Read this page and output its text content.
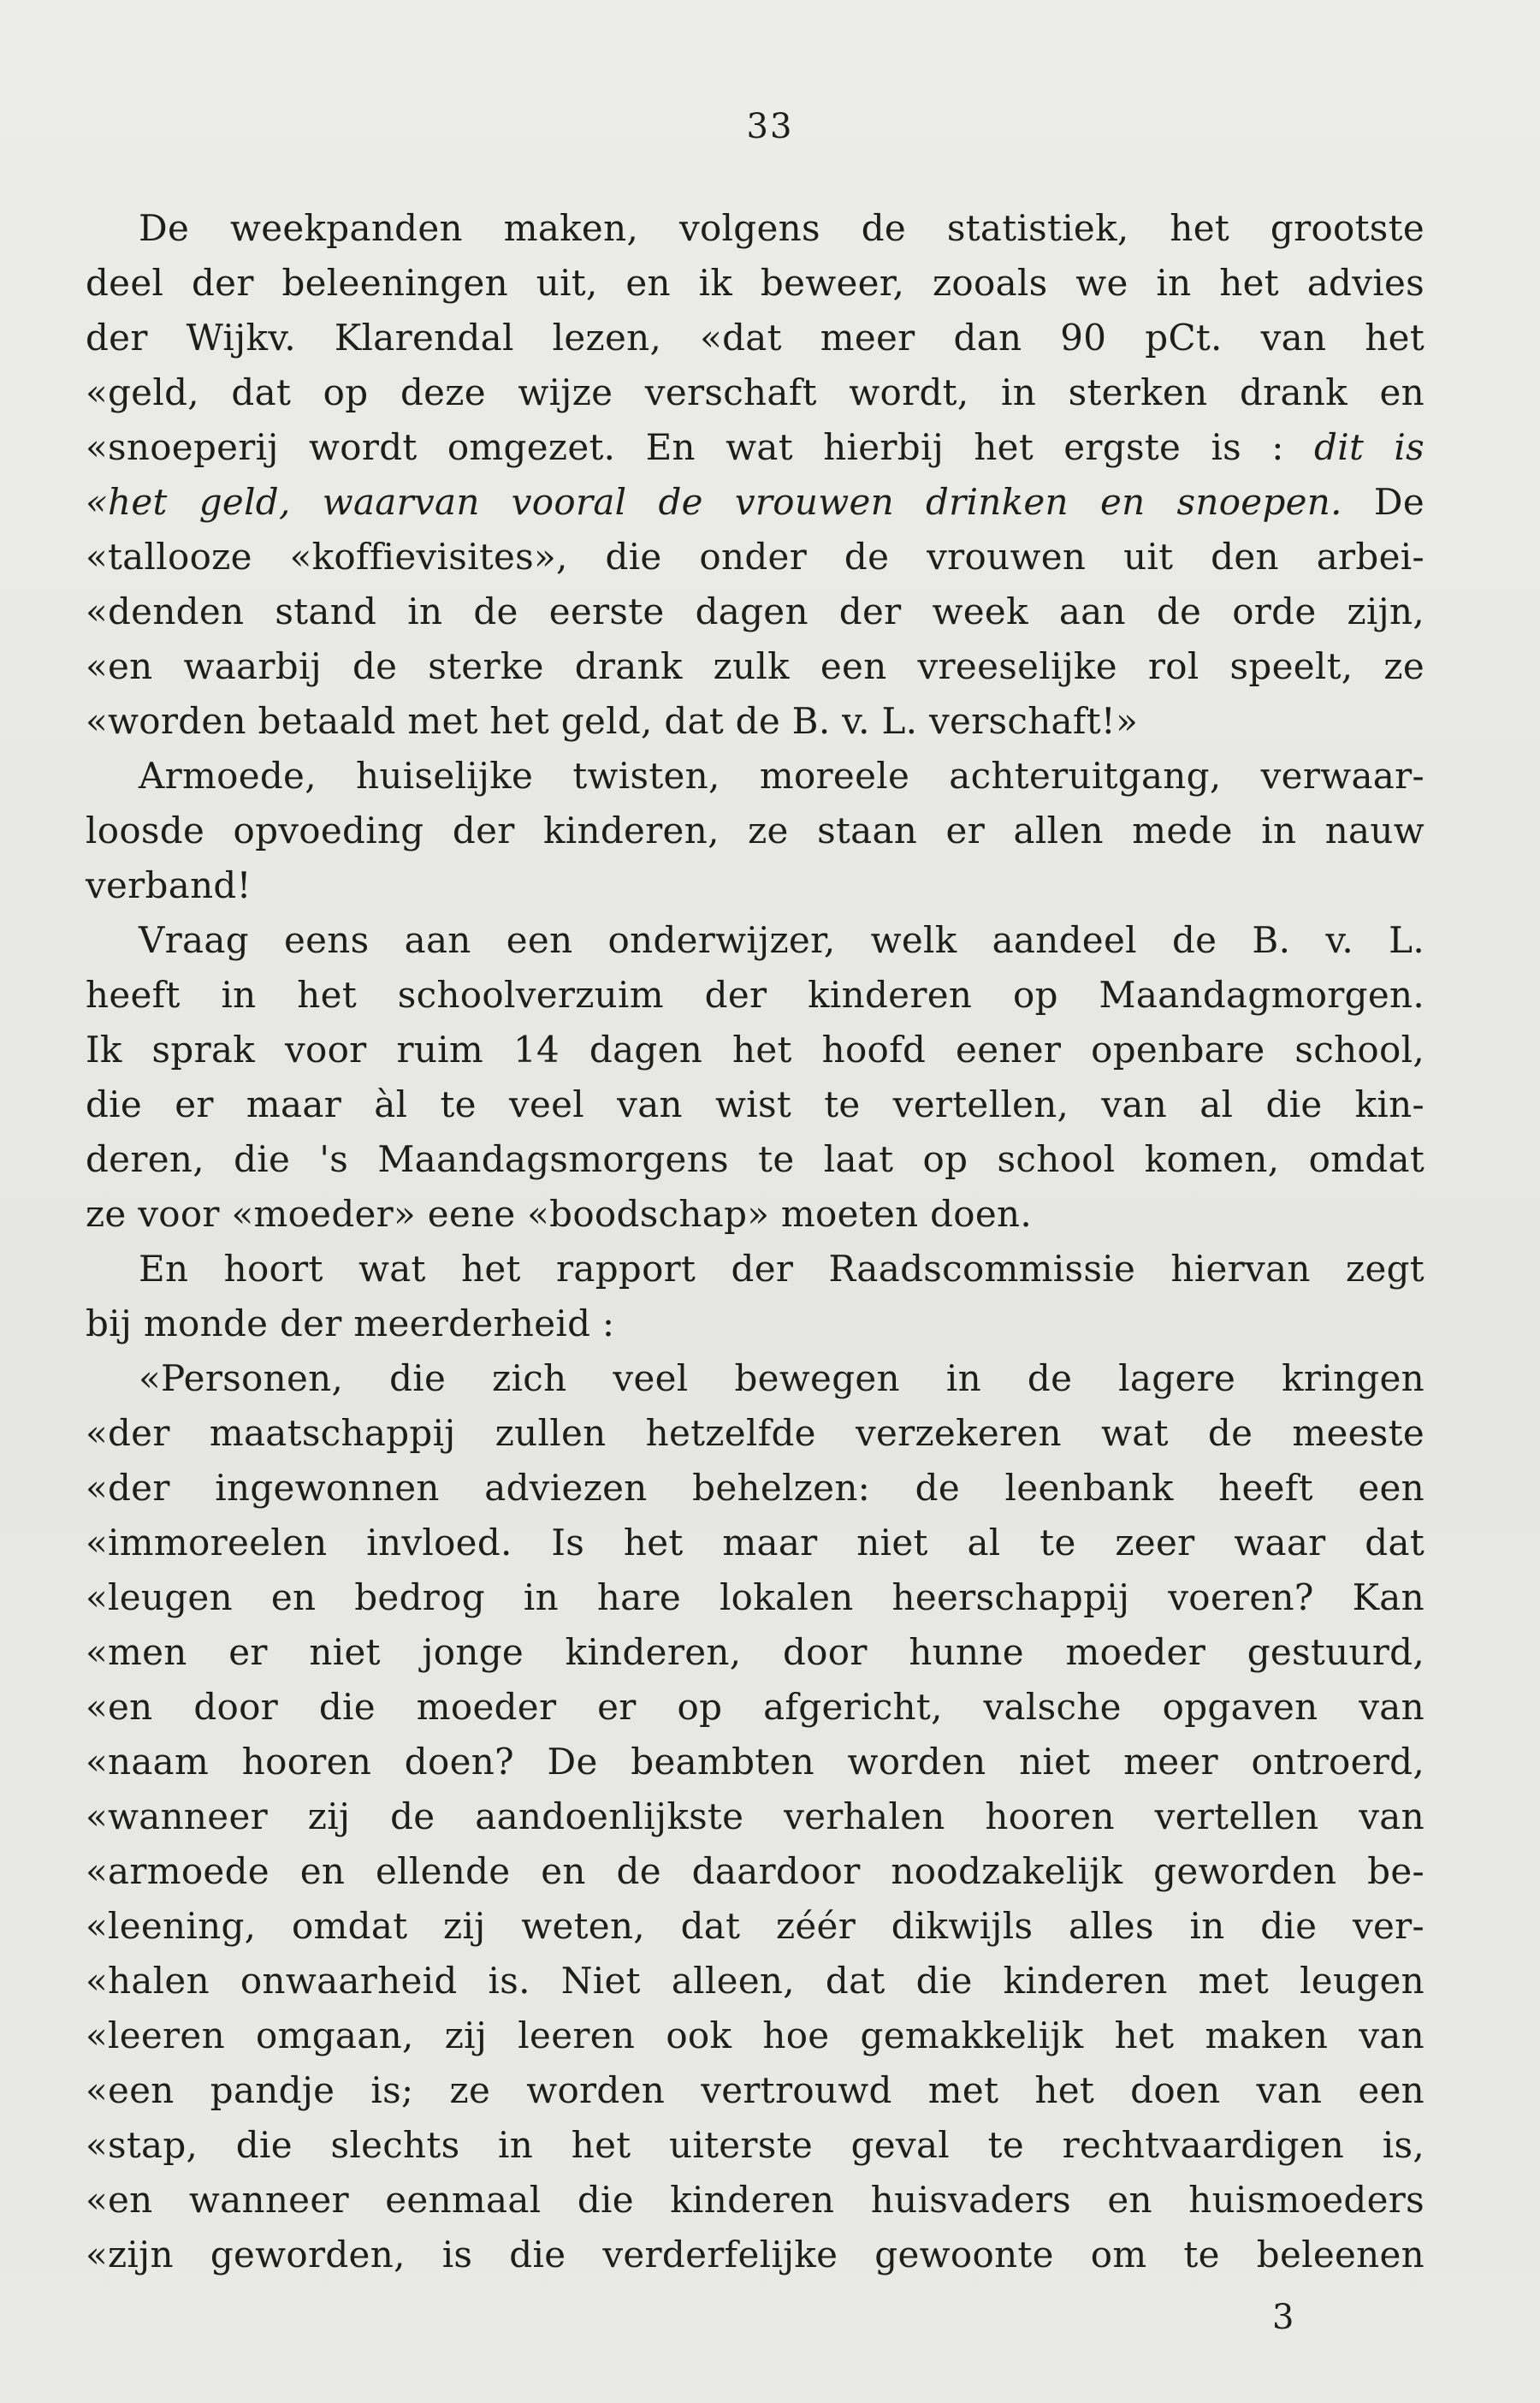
33
De weekpanden maken, volgens de statistiek, het grootste
deel der beleeningen uit, en ik beweer, zooals we in het advies
der Wijkv. Klarendal lezen, «dat meer dan 90 pCt. van het
«geld, dat op deze wijze verschaft wordt, in sterken drank en
«snoeperij wordt omgezet. En wat hierbij het ergste is : dit is
«het geld, waarvan vooral de vrouwen drinken en snoepen. De
«tallooze «koffievisites», die onder de vrouwen uit den arbei-
«denden stand in de eerste dagen der week aan de orde zijn,
«en waarbij de sterke drank zulk een vreeselijke rol speelt, ze
«worden betaald met het geld, dat de B. v. L. verschaft!»
Armoede, huiselijke twisten, moreele achteruitgang, verwaar-
loosde opvoeding der kinderen, ze staan er allen mede in nauw
verband!
Vraag eens aan een onderwijzer, welk aandeel de B. v. L.
heeft in het schoolverzuim der kinderen op Maandagmorgen.
Ik sprak voor ruim 14 dagen het hoofd eener openbare school,
die er maar àl te veel van wist te vertellen, van al die kin-
deren, die 's Maandagsmorgens te laat op school komen, omdat
ze voor «moeder» eene «boodschap» moeten doen.
En hoort wat het rapport der Raadscommissie hiervan zegt
bij monde der meerderheid :
«Personen, die zich veel bewegen in de lagere kringen
«der maatschappij zullen hetzelfde verzekeren wat de meeste
«der ingewonnen adviezen behelzen: de leenbank heeft een
«immoreelen invloed. Is het maar niet al te zeer waar dat
«leugen en bedrog in hare lokalen heerschappij voeren? Kan
«men er niet jonge kinderen, door hunne moeder gestuurd,
«en door die moeder er op afgericht, valsche opgaven van
«naam hooren doen? De beambten worden niet meer ontroerd,
«wanneer zij de aandoenlijkste verhalen hooren vertellen van
«armoede en ellende en de daardoor noodzakelijk geworden be-
«leening, omdat zij weten, dat zéér dikwijls alles in die ver-
«halen onwaarheid is. Niet alleen, dat die kinderen met leugen
«leeren omgaan, zij leeren ook hoe gemakkelijk het maken van
«een pandje is; ze worden vertrouwd met het doen van een
«stap, die slechts in het uiterste geval te rechtvaardigen is,
«en wanneer eenmaal die kinderen huisvaders en huismoeders
«zijn geworden, is die verderfelijke gewoonte om te beleenen
3
